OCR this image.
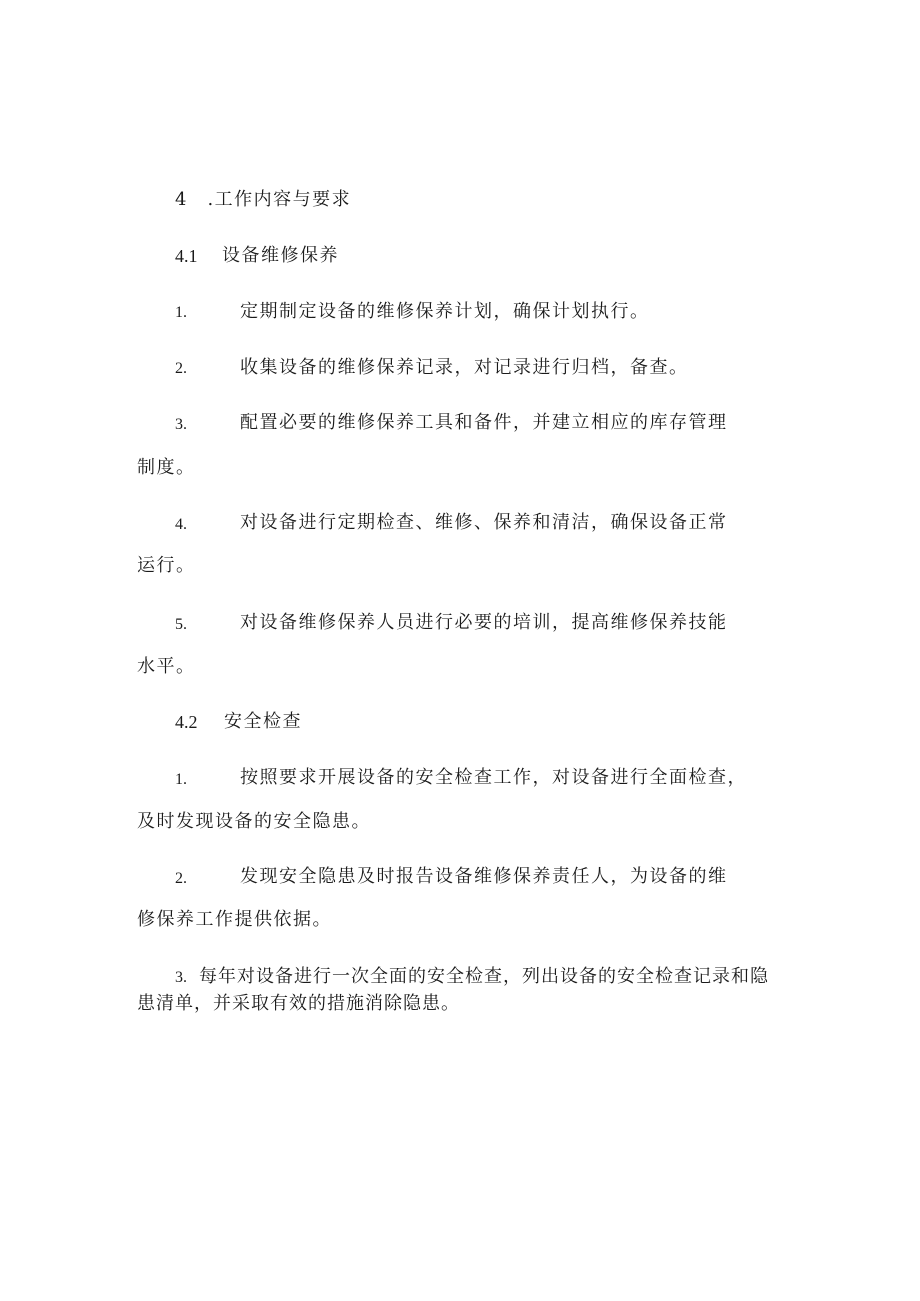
4　.工作内容与要求
4.1 设备维修保养
1.	定期制定设备的维修保养计划，确保计划执行。
2.	收集设备的维修保养记录，对记录进行归档，备查。
3.	配置必要的维修保养工具和备件，并建立相应的库存管理
制度。
4.	对设备进行定期检查、维修、保养和清洁，确保设备正常
运行。
5.	对设备维修保养人员进行必要的培训，提高维修保养技能
水平。
4.2 安全检查
1.	按照要求开展设备的安全检查工作，对设备进行全面检查，
及时发现设备的安全隐患。
2.	发现安全隐患及时报告设备维修保养责任人，为设备的维
修保养工作提供依据。
3. 每年对设备进行一次全面的安全检查，列出设备的安全检查记录和隐
患清单，并采取有效的措施消除隐患。
